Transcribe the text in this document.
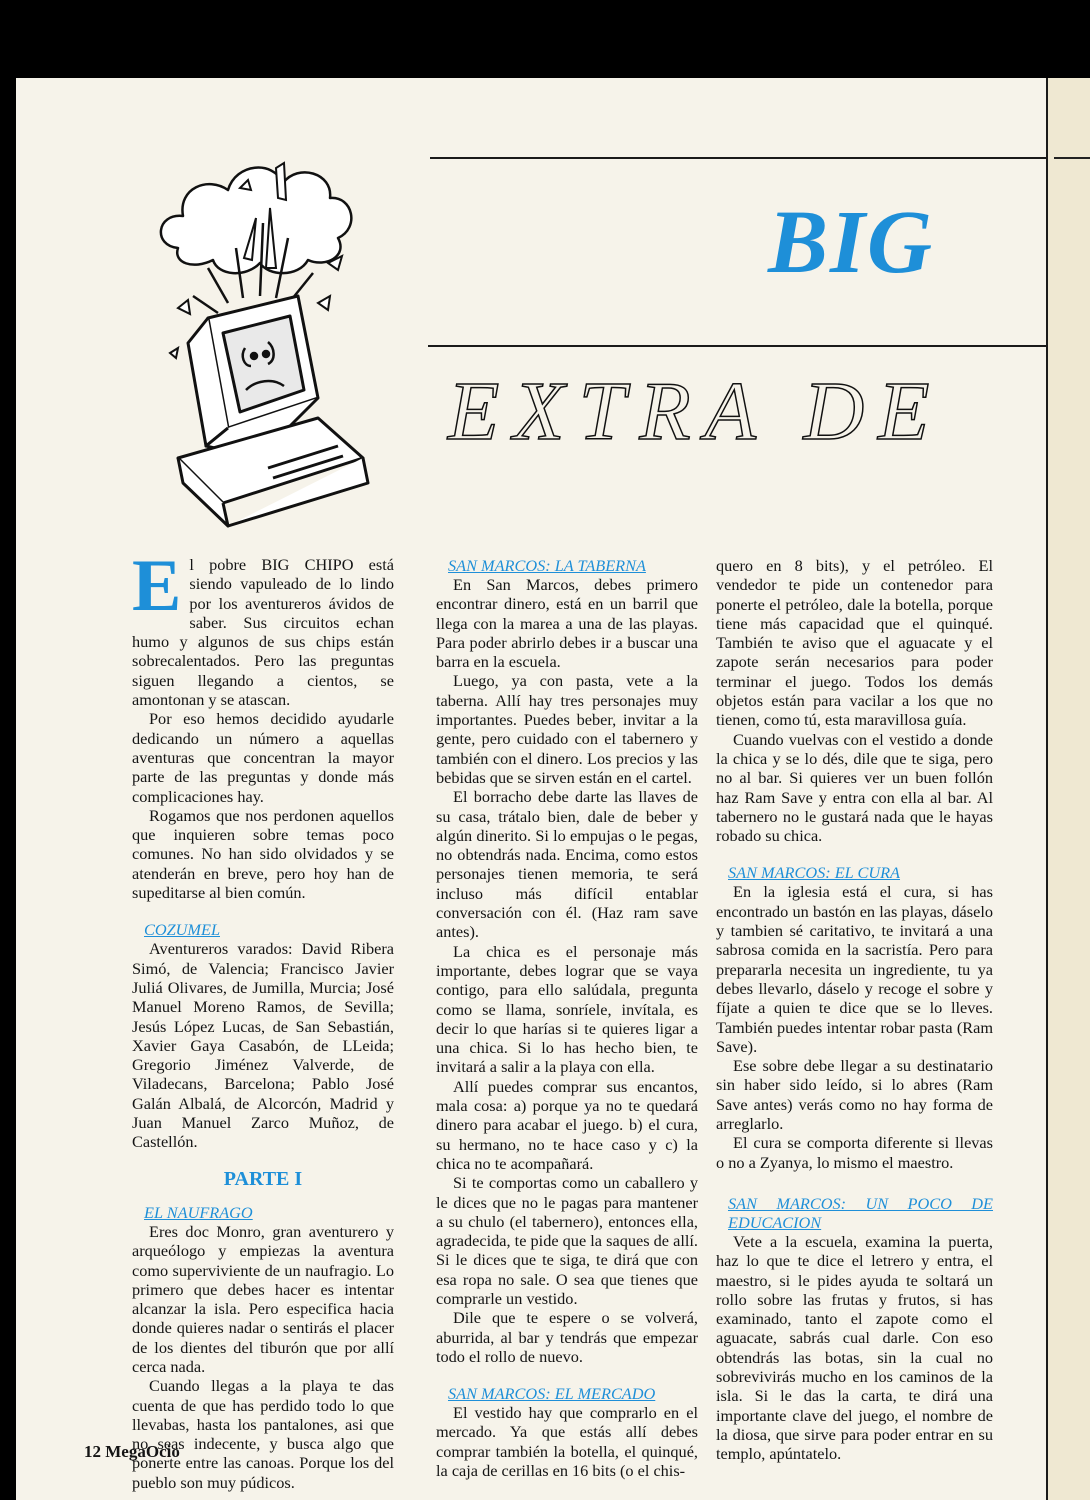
BIG
EXTRA DE

El pobre BIG CHIPO está siendo vapuleado de lo lindo por los aventureros ávidos de saber. Sus circuitos echan humo y algunos de sus chips están sobrecalentados. Pero las preguntas siguen llegando a cientos, se amontonan y se atascan.

Por eso hemos decidido ayudarle dedicando un número a aquellas aventuras que concentran la mayor parte de las preguntas y donde más complicaciones hay.

Rogamos que nos perdonen aquellos que inquieren sobre temas poco comunes. No han sido olvidados y se atenderán en breve, pero hoy han de supeditarse al bien común.

COZUMEL

Aventureros varados: David Ribera Simó, de Valencia; Francisco Javier Juliá Olivares, de Jumilla, Murcia; José Manuel Moreno Ramos, de Sevilla; Jesús López Lucas, de San Sebastián, Xavier Gaya Casabón, de LLeida; Gregorio Jiménez Valverde, de Viladecans, Barcelona; Pablo José Galán Albalá, de Alcorcón, Madrid y Juan Manuel Zarco Muñoz, de Castellón.

PARTE I
EL NAUFRAGO

Eres doc Monro, gran aventurero y arqueólogo y empiezas la aventura como superviviente de un naufragio. Lo primero que debes hacer es intentar alcanzar la isla. Pero especifica hacia donde quieres nadar o sentirás el placer de los dientes del tiburón que por allí cerca nada.

Cuando llegas a la playa te das cuenta de que has perdido todo lo que llevabas, hasta los pantalones, asi que no seas indecente, y busca algo que ponerte entre las canoas. Porque los del pueblo son muy púdicos.

SAN MARCOS: LA TABERNA

En San Marcos, debes primero encontrar dinero, está en un barril que llega con la marea a una de las playas. Para poder abrirlo debes ir a buscar una barra en la escuela.

Luego, ya con pasta, vete a la taberna. Allí hay tres personajes muy importantes. Puedes beber, invitar a la gente, pero cuidado con el tabernero y también con el dinero. Los precios y las bebidas que se sirven están en el cartel.

El borracho debe darte las llaves de su casa, trátalo bien, dale de beber y algún dinerito. Si lo empujas o le pegas, no obtendrás nada. Encima, como estos personajes tienen memoria, te será incluso más difícil entablar conversación con él. (Haz ram save antes).

La chica es el personaje más importante, debes lograr que se vaya contigo, para ello salúdala, pregunta como se llama, sonríele, invítala, es decir lo que harías si te quieres ligar a una chica. Si lo has hecho bien, te invitará a salir a la playa con ella.

Allí puedes comprar sus encantos, mala cosa: a) porque ya no te quedará dinero para acabar el juego. b) el cura, su hermano, no te hace caso y c) la chica no te acompañará.

Si te comportas como un caballero y le dices que no le pagas para mantener a su chulo (el tabernero), entonces ella, agradecida, te pide que la saques de allí. Si le dices que te siga, te dirá que con esa ropa no sale. O sea que tienes que comprarle un vestido.

Dile que te espere o se volverá, aburrida, al bar y tendrás que empezar todo el rollo de nuevo.

SAN MARCOS: EL MERCADO

El vestido hay que comprarlo en el mercado. Ya que estás allí debes comprar también la botella, el quinqué, la caja de cerillas en 16 bits (o el chis-

quero en 8 bits), y el petróleo. El vendedor te pide un contenedor para ponerte el petróleo, dale la botella, porque tiene más capacidad que el quinqué. También te aviso que el aguacate y el zapote serán necesarios para poder terminar el juego. Todos los demás objetos están para vacilar a los que no tienen, como tú, esta maravillosa guía.

Cuando vuelvas con el vestido a donde la chica y se lo dés, dile que te siga, pero no al bar. Si quieres ver un buen follón haz Ram Save y entra con ella al bar. Al tabernero no le gustará nada que le hayas robado su chica.

SAN MARCOS: EL CURA

En la iglesia está el cura, si has encontrado un bastón en las playas, dáselo y tambien sé caritativo, te invitará a una sabrosa comida en la sacristía. Pero para prepararla necesita un ingrediente, tu ya debes llevarlo, dáselo y recoge el sobre y fíjate a quien te dice que se lo lleves. También puedes intentar robar pasta (Ram Save).

Ese sobre debe llegar a su destinatario sin haber sido leído, si lo abres (Ram Save antes) verás como no hay forma de arreglarlo.

El cura se comporta diferente si llevas o no a Zyanya, lo mismo el maestro.

SAN MARCOS: UN POCO DE EDUCACION

Vete a la escuela, examina la puerta, haz lo que te dice el letrero y entra, el maestro, si le pides ayuda te soltará un rollo sobre las frutas y frutos, si has examinado, tanto el zapote como el aguacate, sabrás cual darle. Con eso obtendrás las botas, sin la cual no sobrevivirás mucho en los caminos de la isla. Si le das la carta, te dirá una importante clave del juego, el nombre de la diosa, que sirve para poder entrar en su templo, apúntatelo.

12 MegaOcio
